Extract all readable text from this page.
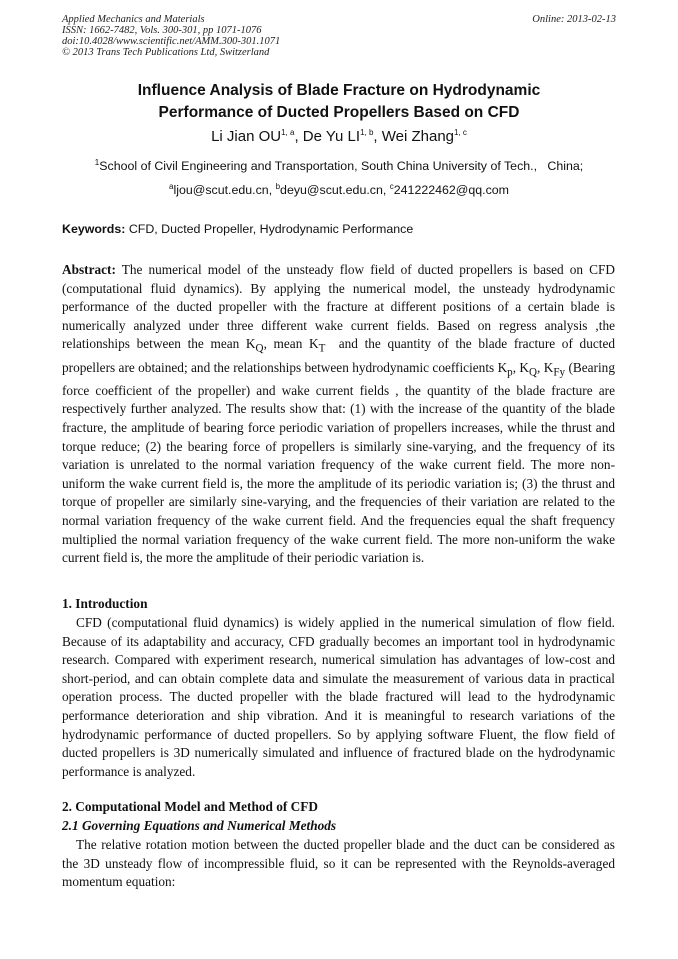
Applied Mechanics and Materials
ISSN: 1662-7482, Vols. 300-301, pp 1071-1076
doi:10.4028/www.scientific.net/AMM.300-301.1071
© 2013 Trans Tech Publications Ltd, Switzerland
Online: 2013-02-13
Influence Analysis of Blade Fracture on Hydrodynamic
Performance of Ducted Propellers Based on CFD
Li Jian OU$^{1, a}$, De Yu LI$^{1, b}$, Wei Zhang$^{1, c}$
$^1$School of Civil Engineering and Transportation, South China University of Tech.,   China;
$^a$ljou@scut.edu.cn, $^b$deyu@scut.edu.cn, $^c$241222462@qq.com
Keywords: CFD, Ducted Propeller, Hydrodynamic Performance
Abstract: The numerical model of the unsteady flow field of ducted propellers is based on CFD (computational fluid dynamics). By applying the numerical model, the unsteady hydrodynamic performance of the ducted propeller with the fracture at different positions of a certain blade is numerically analyzed under three different wake current fields. Based on regress analysis ,the relationships between the mean $K_Q$, mean $K_T$  and the quantity of the blade fracture of ducted propellers are obtained; and the relationships between hydrodynamic coefficients $K_p$, $K_Q$, $K_{Fy}$ (Bearing force coefficient of the propeller) and wake current fields , the quantity of the blade fracture are respectively further analyzed. The results show that: (1) with the increase of the quantity of the blade fracture, the amplitude of bearing force periodic variation of propellers increases, while the thrust and torque reduce; (2) the bearing force of propellers is similarly sine-varying, and the frequency of its variation is unrelated to the normal variation frequency of the wake current field. The more non-uniform the wake current field is, the more the amplitude of its periodic variation is; (3) the thrust and torque of propeller are similarly sine-varying, and the frequencies of their variation are related to the normal variation frequency of the wake current field. And the frequencies equal the shaft frequency multiplied the normal variation frequency of the wake current field. The more non-uniform the wake current field is, the more the amplitude of their periodic variation is.
1. Introduction
CFD (computational fluid dynamics) is widely applied in the numerical simulation of flow field. Because of its adaptability and accuracy, CFD gradually becomes an important tool in hydrodynamic research. Compared with experiment research, numerical simulation has advantages of low-cost and short-period, and can obtain complete data and simulate the measurement of various data in practical operation process. The ducted propeller with the blade fractured will lead to the hydrodynamic performance deterioration and ship vibration. And it is meaningful to research variations of the hydrodynamic performance of ducted propellers. So by applying software Fluent, the flow field of ducted propellers is 3D numerically simulated and influence of fractured blade on the hydrodynamic performance is analyzed.
2. Computational Model and Method of CFD
2.1 Governing Equations and Numerical Methods
The relative rotation motion between the ducted propeller blade and the duct can be considered as the 3D unsteady flow of incompressible fluid, so it can be represented with the Reynolds-averaged momentum equation:
